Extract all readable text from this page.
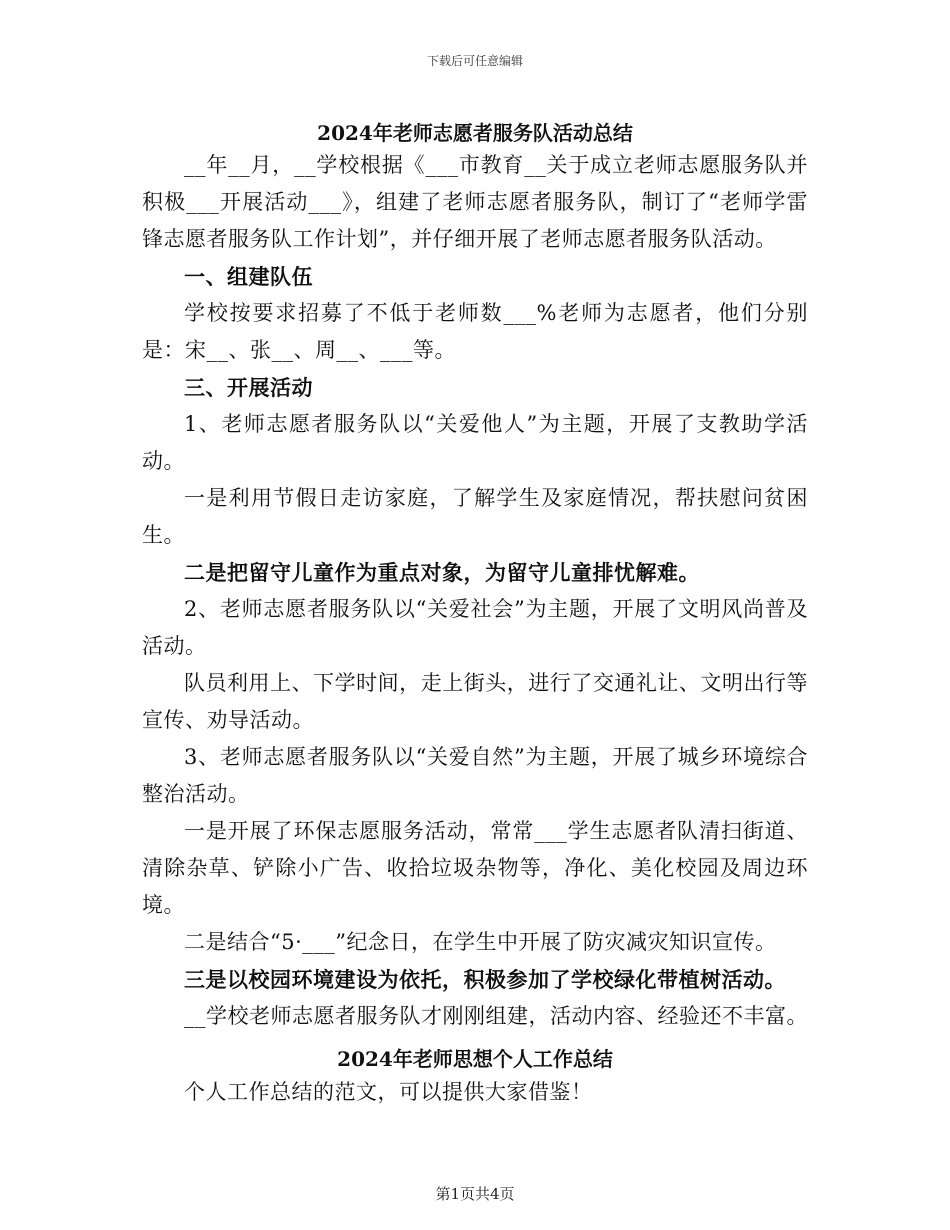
下载后可任意编辑
2024年老师志愿者服务队活动总结

__年__月，__学校根据《___市教育__关于成立老师志愿服务队并积极___开展活动___》，组建了老师志愿者服务队，制订了“老师学雷锋志愿者服务队工作计划”，并仔细开展了老师志愿者服务队活动。

一、组建队伍

学校按要求招募了不低于老师数___%老师为志愿者，他们分别是：宋__、张__、周__、___等。

三、开展活动

1、老师志愿者服务队以“关爱他人”为主题，开展了支教助学活动。

一是利用节假日走访家庭，了解学生及家庭情况，帮扶慰问贫困生。

二是把留守儿童作为重点对象，为留守儿童排忧解难。

2、老师志愿者服务队以“关爱社会”为主题，开展了文明风尚普及活动。

队员利用上、下学时间，走上街头，进行了交通礼让、文明出行等宣传、劝导活动。

3、老师志愿者服务队以“关爱自然”为主题，开展了城乡环境综合整治活动。

一是开展了环保志愿服务活动，常常___学生志愿者队清扫街道、清除杂草、铲除小广告、收拾垃圾杂物等，净化、美化校园及周边环境。

二是结合“5·___”纪念日，在学生中开展了防灾减灾知识宣传。

三是以校园环境建设为依托，积极参加了学校绿化带植树活动。

__学校老师志愿者服务队才刚刚组建，活动内容、经验还不丰富。

2024年老师思想个人工作总结

个人工作总结的范文，可以提供大家借鉴！

第1页共4页
